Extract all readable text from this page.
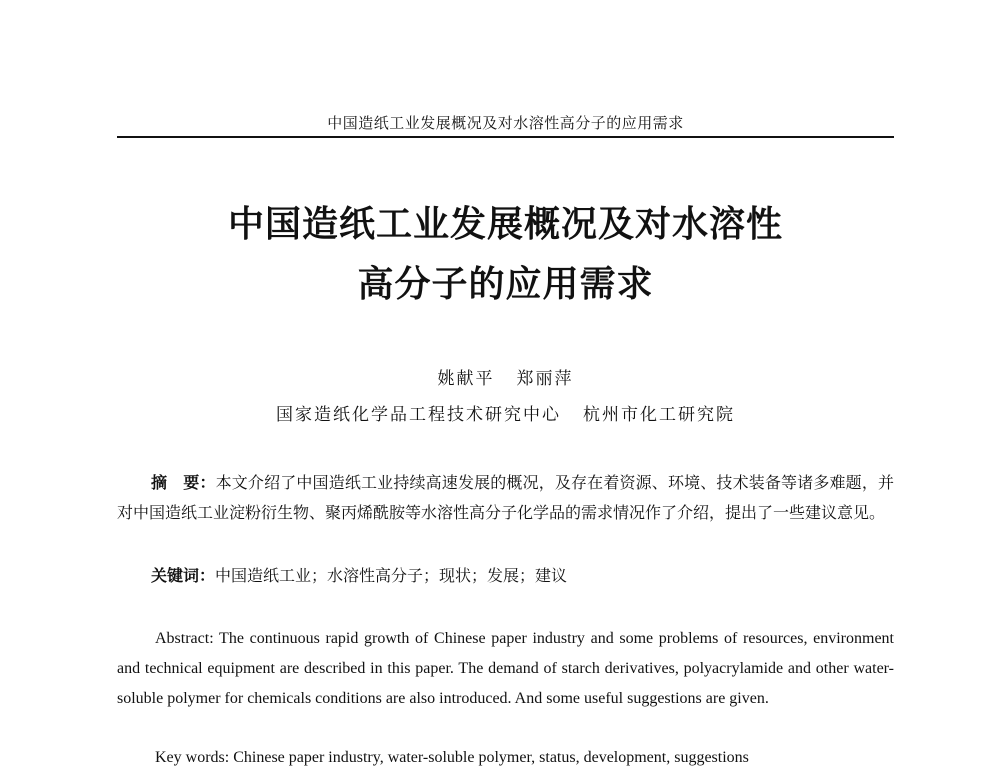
中国造纸工业发展概况及对水溶性高分子的应用需求
中国造纸工业发展概况及对水溶性
高分子的应用需求
姚献平 郑丽萍
国家造纸化学品工程技术研究中心 杭州市化工研究院

摘　要：本文介绍了中国造纸工业持续高速发展的概况，及存在着资源、环境、技术装备等诸多难题，并对中国造纸工业淀粉衍生物、聚丙烯酰胺等水溶性高分子化学品的需求情况作了介绍，提出了一些建议意见。

关键词：中国造纸工业；水溶性高分子；现状；发展；建议

Abstract: The continuous rapid growth of Chinese paper industry and some problems of resources, environment and technical equipment are described in this paper. The demand of starch derivatives, polyacrylamide and other water-soluble polymer for chemicals conditions are also introduced. And some useful suggestions are given.

Key words: Chinese paper industry, water-soluble polymer, status, development, suggestions
